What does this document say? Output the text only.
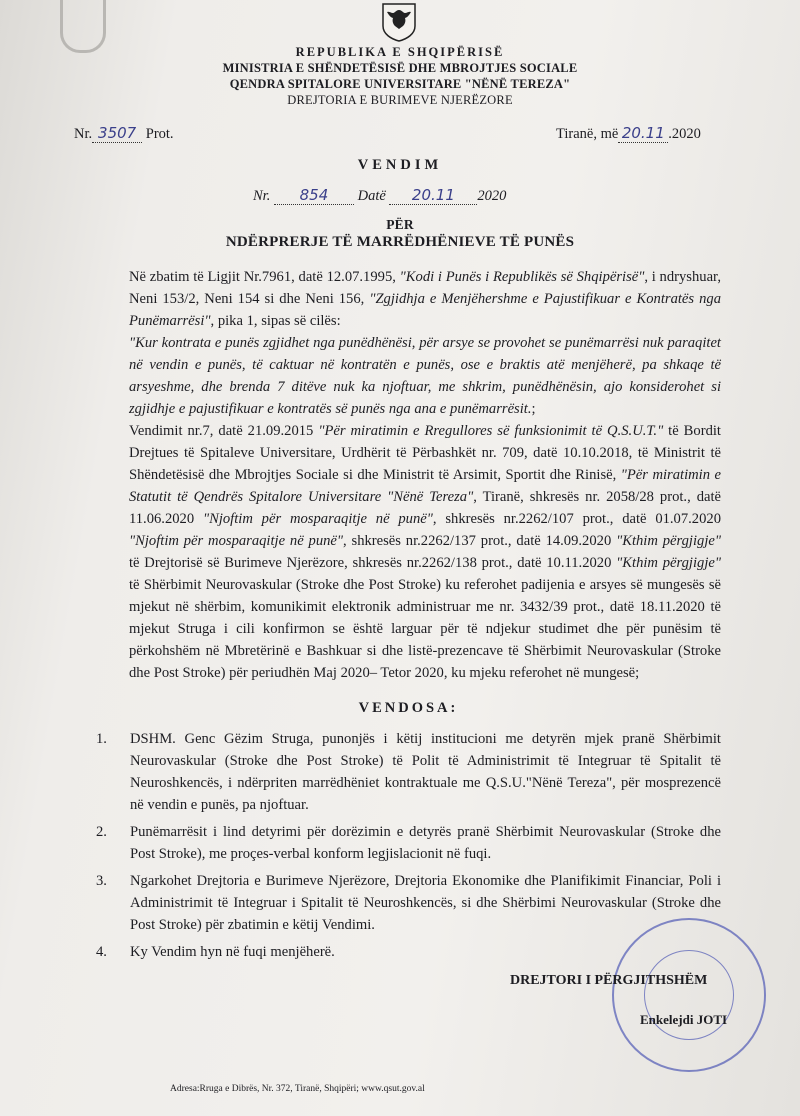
REPUBLIKA E SHQIPËRISË
MINISTRIA E SHËNDETËSISË DHE MBROJTJES SOCIALE
QENDRA SPITALORE UNIVERSITARE "NËNË TEREZA"
DREJTORIA E BURIMEVE NJERËZORE
Nr. 3507 Prot.	Tiranë, më 20.11 .2020
VENDIM
Nr. 854 Datë 20.11 2020
PËR
NDËRPRERJE TË MARRËDHËNIEVE TË PUNËS

Në zbatim të Ligjit Nr.7961, datë 12.07.1995, "Kodi i Punës i Republikës së Shqipërisë", i ndryshuar, Neni 153/2, Neni 154 si dhe Neni 156, "Zgjidhja e Menjëhershme e Pajustifikuar e Kontratës nga Punëmarrësi", pika 1, sipas së cilës:

"Kur kontrata e punës zgjidhet nga punëdhënësi, për arsye se provohet se punëmarrësi nuk paraqitet në vendin e punës, të caktuar në kontratën e punës, ose e braktis atë menjëherë, pa shkaqe të arsyeshme, dhe brenda 7 ditëve nuk ka njoftuar, me shkrim, punëdhënësin, ajo konsiderohet si zgjidhje e pajustifikuar e kontratës së punës nga ana e punëmarrësit.;

Vendimit nr.7, datë 21.09.2015 "Për miratimin e Rregullores së funksionimit të Q.S.U.T." të Bordit Drejtues të Spitaleve Universitare, Urdhërit të Përbashkët nr. 709, datë 10.10.2018, të Ministrit të Shëndetësisë dhe Mbrojtjes Sociale si dhe Ministrit të Arsimit, Sportit dhe Rinisë, "Për miratimin e Statutit të Qendrës Spitalore Universitare "Nënë Tereza", Tiranë, shkresës nr. 2058/28 prot., datë 11.06.2020 "Njoftim për mosparaqitje në punë", shkresës nr.2262/107 prot., datë 01.07.2020 "Njoftim për mosparaqitje në punë", shkresës nr.2262/137 prot., datë 14.09.2020 "Kthim përgjigje" të Drejtorisë së Burimeve Njerëzore, shkresës nr.2262/138 prot., datë 10.11.2020 "Kthim përgjigje" të Shërbimit Neurovaskular (Stroke dhe Post Stroke) ku referohet padijenia e arsyes së mungesës së mjekut në shërbim, komunikimit elektronik administruar me nr. 3432/39 prot., datë 18.11.2020 të mjekut Struga i cili konfirmon se është larguar për të ndjekur studimet dhe për punësim të përkohshëm në Mbretërinë e Bashkuar si dhe listë-prezencave të Shërbimit Neurovaskular (Stroke dhe Post Stroke) për periudhën Maj 2020– Tetor 2020, ku mjeku referohet në mungesë;

VENDOSA:
1.	DSHM. Genc Gëzim Struga, punonjës i këtij institucioni me detyrën mjek pranë Shërbimit Neurovaskular (Stroke dhe Post Stroke) të Polit të Administrimit të Integruar të Spitalit të Neuroshkencës, i ndërpriten marrëdhëniet kontraktuale me Q.S.U."Nënë Tereza", për mosprezencë në vendin e punës, pa njoftuar.
2.	Punëmarrësit i lind detyrimi për dorëzimin e detyrës pranë Shërbimit Neurovaskular (Stroke dhe Post Stroke), me proçes-verbal konform legjislacionit në fuqi.
3.	Ngarkohet Drejtoria e Burimeve Njerëzore, Drejtoria Ekonomike dhe Planifikimit Financiar, Poli i Administrimit të Integruar i Spitalit të Neuroshkencës, si dhe Shërbimi Neurovaskular (Stroke dhe Post Stroke) për zbatimin e këtij Vendimi.
4.	Ky Vendim hyn në fuqi menjëherë.
DREJTORI I PËRGJITHSHËM
Enkelejdi JOTI
Adresa:Rruga e Dibrës, Nr. 372, Tiranë, Shqipëri; www.qsut.gov.al
